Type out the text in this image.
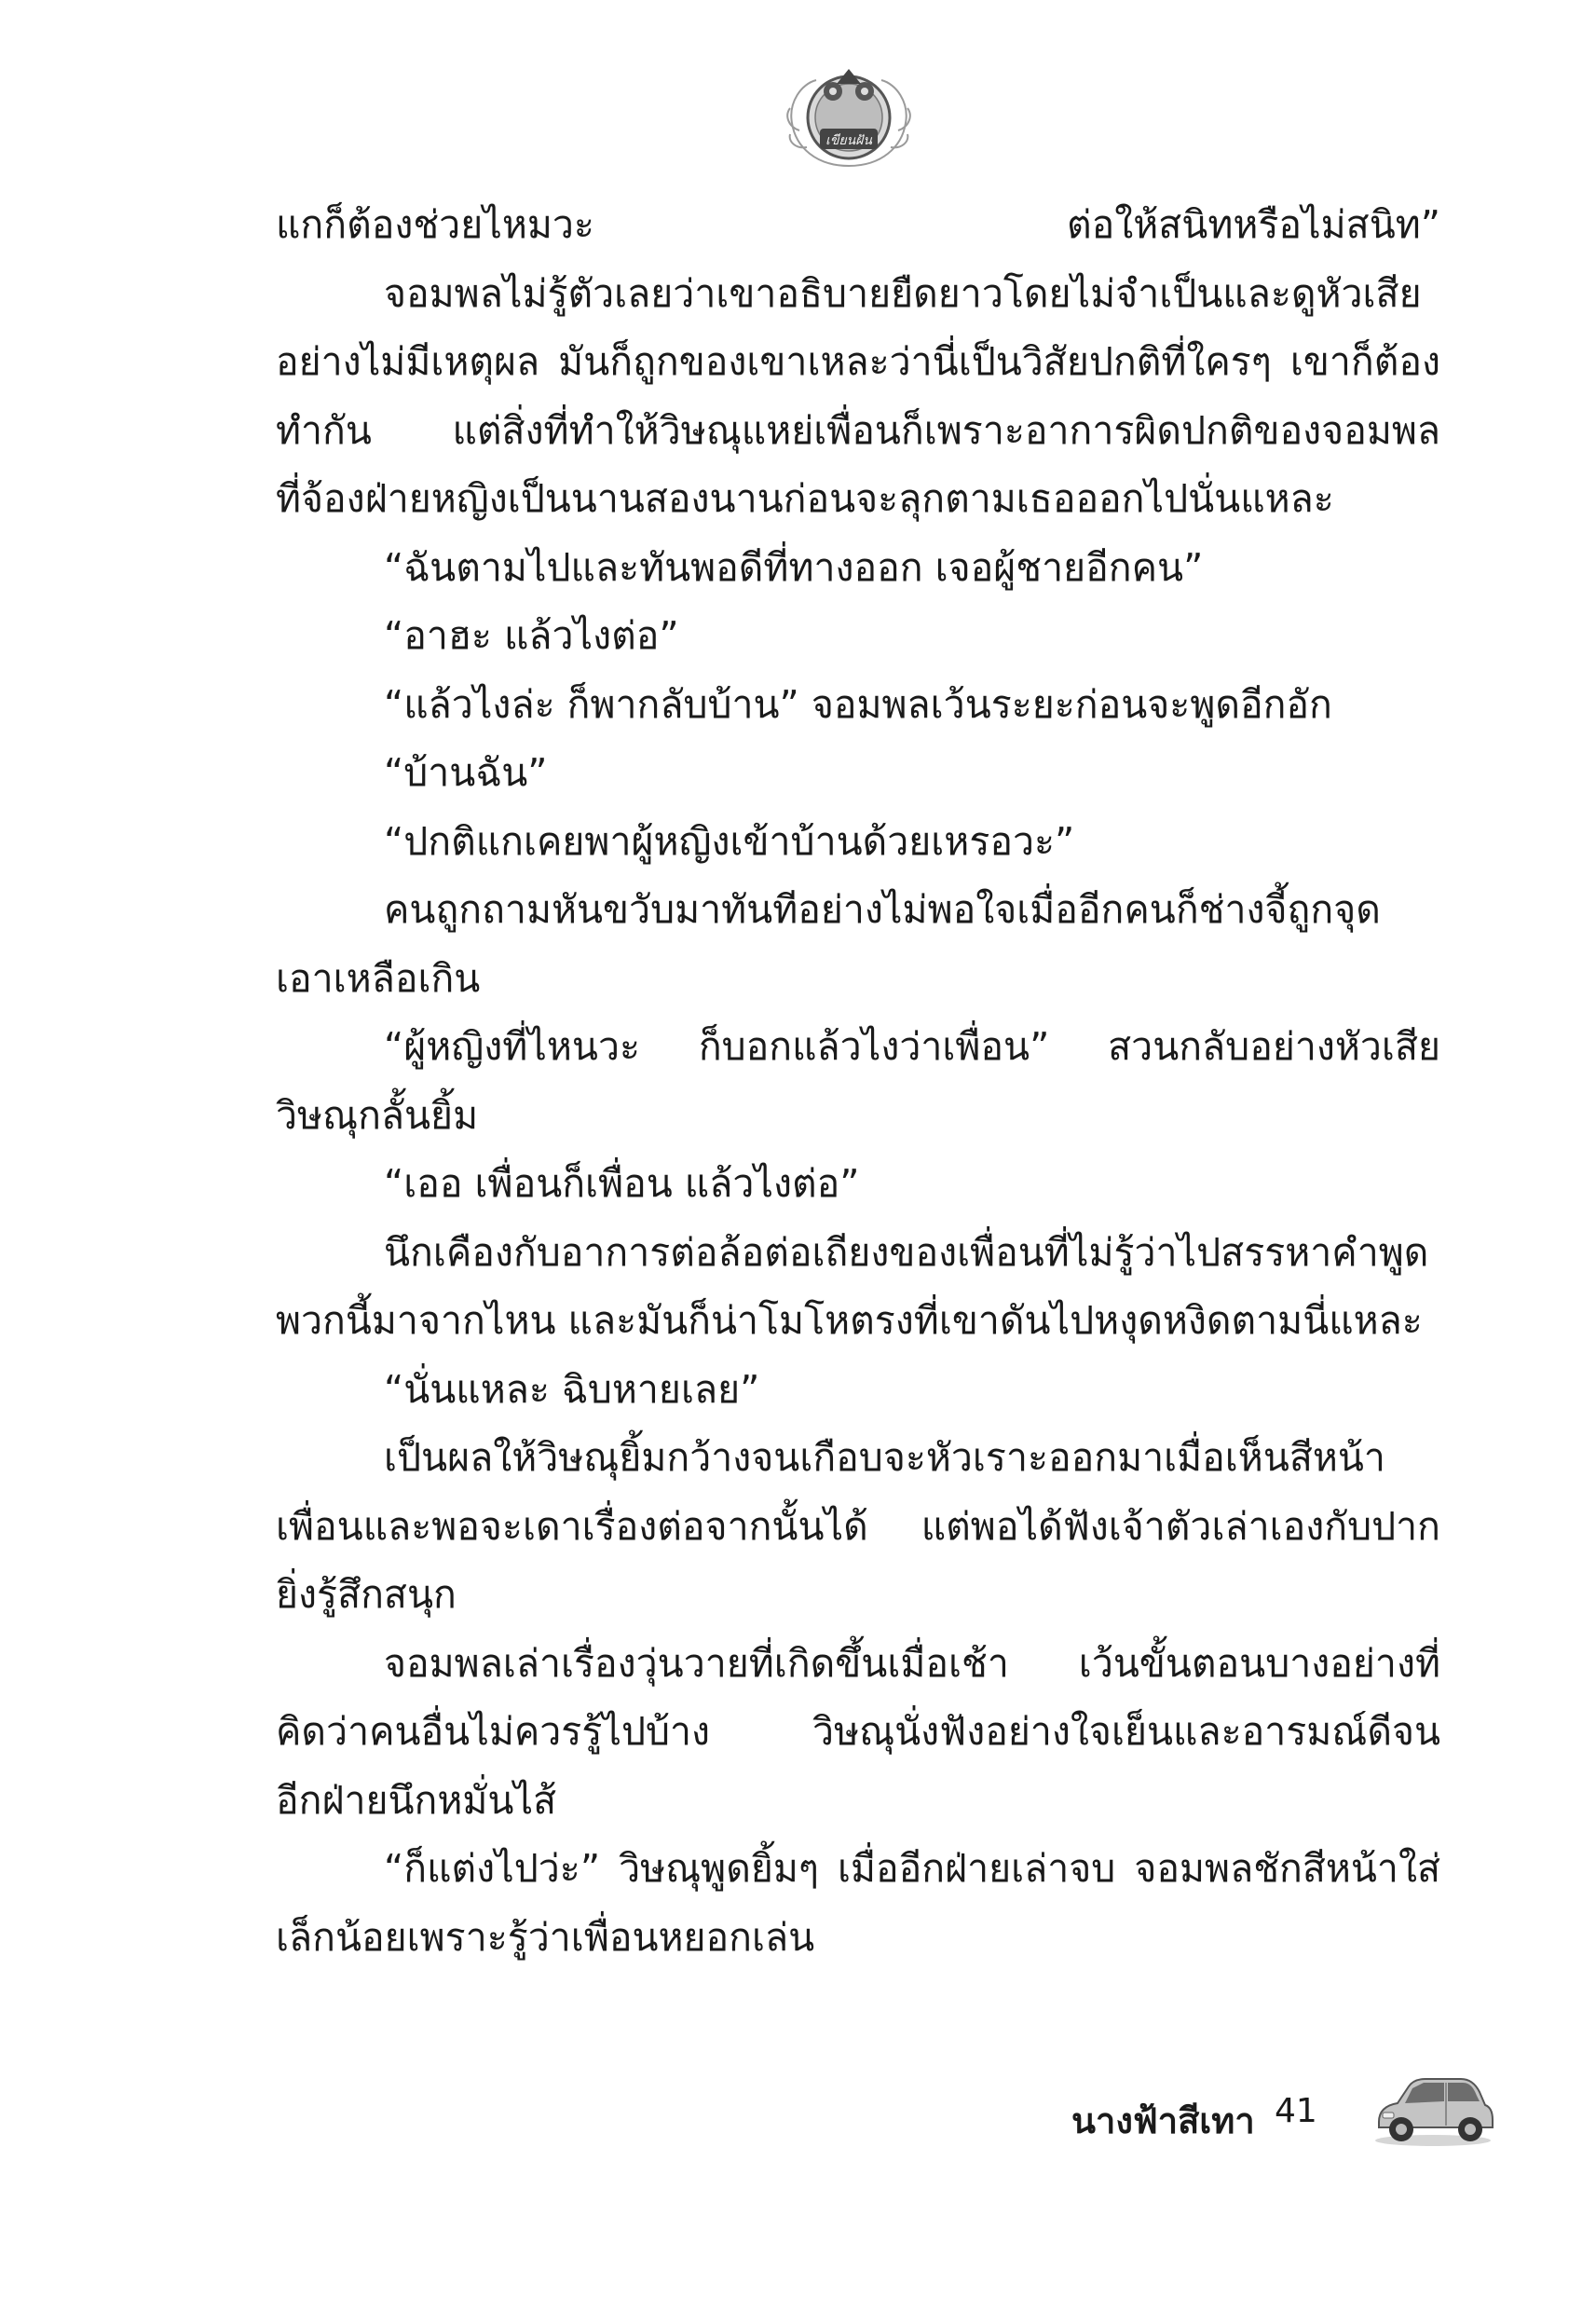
เขียนฝัน
แกก็ต้องช่วยไหมวะ ต่อให้สนิทหรือไม่สนิท”
จอมพลไม่รู้ตัวเลยว่าเขาอธิบายยืดยาวโดยไม่จำเป็นและดูหัวเสีย
อย่างไม่มีเหตุผล มันก็ถูกของเขาเหละว่านี่เป็นวิสัยปกติที่ใครๆ เขาก็ต้อง
ทำกัน แต่สิ่งที่ทำให้วิษณุแหย่เพื่อนก็เพราะอาการผิดปกติของจอมพล
ที่จ้องฝ่ายหญิงเป็นนานสองนานก่อนจะลุกตามเธอออกไปนั่นแหละ
“ฉันตามไปและทันพอดีที่ทางออก เจอผู้ชายอีกคน”
“อาฮะ แล้วไงต่อ”
“แล้วไงล่ะ ก็พากลับบ้าน” จอมพลเว้นระยะก่อนจะพูดอีกอัก
“บ้านฉัน”
“ปกติแกเคยพาผู้หญิงเข้าบ้านด้วยเหรอวะ”
คนถูกถามหันขวับมาทันทีอย่างไม่พอใจเมื่ออีกคนก็ช่างจี้ถูกจุด
เอาเหลือเกิน
“ผู้หญิงที่ไหนวะ ก็บอกแล้วไงว่าเพื่อน” สวนกลับอย่างหัวเสีย
วิษณุกลั้นยิ้ม
“เออ เพื่อนก็เพื่อน แล้วไงต่อ”
นึกเคืองกับอาการต่อล้อต่อเถียงของเพื่อนที่ไม่รู้ว่าไปสรรหาคำพูด
พวกนี้มาจากไหน และมันก็น่าโมโหตรงที่เขาดันไปหงุดหงิดตามนี่แหละ
“นั่นแหละ ฉิบหายเลย”
เป็นผลให้วิษณุยิ้มกว้างจนเกือบจะหัวเราะออกมาเมื่อเห็นสีหน้า
เพื่อนและพอจะเดาเรื่องต่อจากนั้นได้ แต่พอได้ฟังเจ้าตัวเล่าเองกับปาก
ยิ่งรู้สึกสนุก
จอมพลเล่าเรื่องวุ่นวายที่เกิดขึ้นเมื่อเช้า เว้นขั้นตอนบางอย่างที่
คิดว่าคนอื่นไม่ควรรู้ไปบ้าง วิษณุนั่งฟังอย่างใจเย็นและอารมณ์ดีจน
อีกฝ่ายนึกหมั่นไส้
“ก็แต่งไปว่ะ” วิษณุพูดยิ้มๆ เมื่ออีกฝ่ายเล่าจบ จอมพลชักสีหน้าใส่
เล็กน้อยเพราะรู้ว่าเพื่อนหยอกเล่น
นางฟ้าสีเทา 41
